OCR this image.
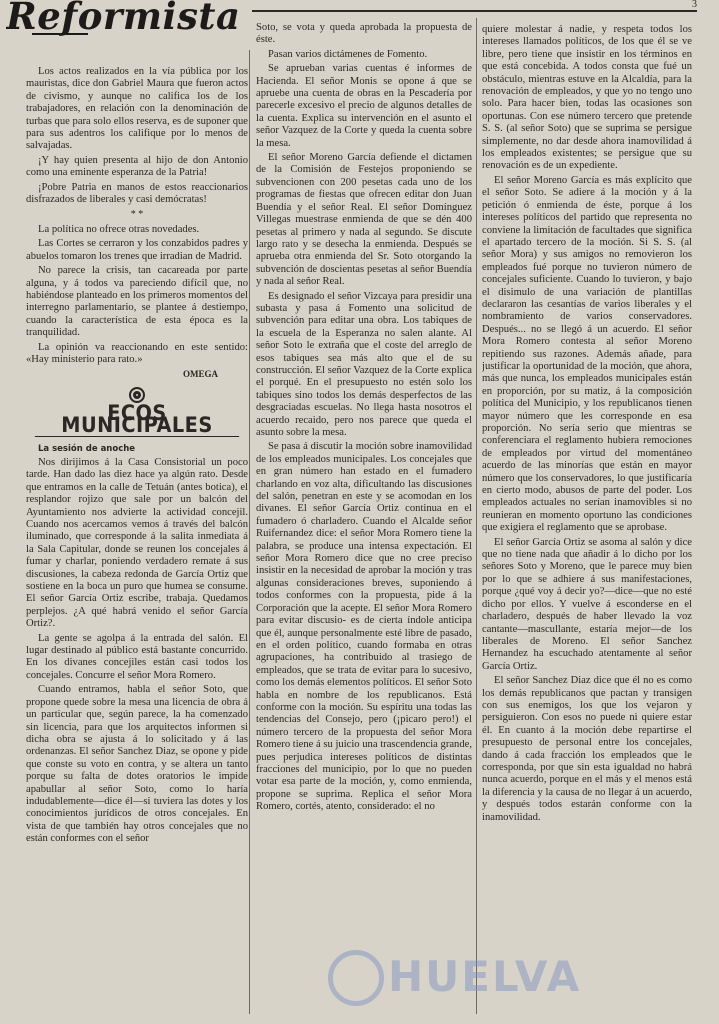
Reformista	3

Los actos realizados en la vía pública por los mauristas, dice don Gabriel Maura que fueron actos de civismo, y aunque no califica los de los trabajadores, en relación con la denominación de turbas que para solo ellos reserva, es de suponer que para sus adentros los califique por lo menos de salvajadas.

¡Y hay quien presenta al hijo de don Antonio como una eminente esperanza de la Patria!

¡Pobre Patria en manos de estos reaccionarios disfrazados de liberales y casi demócratas!

* *

La política no ofrece otras novedades.

Las Cortes se cerraron y los conzabidos padres y abuelos tomaron los trenes que irradian de Madrid.

No parece la crisis, tan cacareada por parte alguna, y á todos va pareciendo difícil que, no habiéndose planteado en los primeros momentos del interregno parlamentario, se plantee á destiempo, cuando la característica de esta época es la tranquilidad.

La opinión va reaccionando en este sentido: «Hay ministerio para rato.»

OMEGA
ECOS MUNICIPALES

La sesión de anoche

Nos dirijimos á la Casa Consistorial un poco tarde. Han dado las diez hace ya algún rato. Desde que entramos en la calle de Tetuán (antes botica), el resplandor rojizo que sale por un balcón del Ayuntamiento nos advierte la actividad concejil. Cuando nos acercamos vemos á través del balcón iluminado, que corresponde á la salita inmediata á la Sala Capitular, donde se reunen los concejales á fumar y charlar, poniendo verdadero remate á sus discusiones, la cabeza redonda de García Ortiz que sostiene en la boca un puro que humea se consume. El señor García Ortiz escribe, trabaja. Quedamos perplejos. ¿A qué habrá venido el señor García Ortiz?.

La gente se agolpa á la entrada del salón. El lugar destinado al público está bastante concurrido. En los divanes concejiles están casi todos los concejales. Concurre el señor Mora Romero.

Cuando entramos, habla el señor Soto, que propone quede sobre la mesa una licencia de obra á un particular que, según parece, la ha comenzado sin licencia, para que los arquitectos informen si dicha obra se ajusta á lo solicitado y á las ordenanzas. El señor Sanchez Diaz, se opone y pide que conste su voto en contra, y se altera un tanto porque su falta de dotes oratorios le impide apabullar al señor Soto, como lo haría indudablemente—dice él—si tuviera las dotes y los conocimientos jurídicos de otros concejales. En vista de que también hay otros concejales que no están conformes con el señor

Soto, se vota y queda aprobada la propuesta de éste.

Pasan varios dictámenes de Fomento.

Se aprueban varias cuentas é informes de Hacienda. El señor Monis se opone á que se apruebe una cuenta de obras en la Pescadería por parecerle excesivo el precio de algunos detalles de la cuenta. Explica su intervención en el asunto el señor Vazquez de la Corte y queda la cuenta sobre la mesa.

El señor Moreno García defiende el dictamen de la Comisión de Festejos proponiendo se subvencionen con 200 pesetas cada uno de los programas de fiestas que ofrecen editar don Juan Buendía y el señor Real. El señor Domínguez Villegas muestrase enmienda de que se dén 400 pesetas al primero y nada al segundo. Se discute largo rato y se desecha la enmienda. Después se aprueba otra enmienda del Sr. Soto otorgando la subvención de doscientas pesetas al señor Buendía y nada al señor Real.

Es designado el señor Vizcaya para presidir una subasta y pasa á Fomento una solicitud de subvención para editar una obra. Los tabiques de la escuela de la Esperanza no salen alante. Al señor Soto le extraña que el coste del arreglo de esos tabiques sea más alto que el de su construcción. El señor Vazquez de la Corte explica el porqué. En el presupuesto no estén solo los tabiques sino todos los demás desperfectos de las desgraciadas escuelas. No llega hasta nosotros el acuerdo recaido, pero nos parece que queda el asunto sobre la mesa.

Se pasa á discutir la moción sobre inamovilidad de los empleados municipales. Los concejales que en gran número han estado en el fumadero charlando en voz alta, dificultando las discusiones del salón, penetran en este y se acomodan en los divanes. El señor García Ortiz continua en el fumadero ó charladero. Cuando el Alcalde señor Ruifernandez dice: el señor Mora Romero tiene la palabra, se produce una intensa expectación. El señor Mora Romero dice que no cree preciso insistir en la necesidad de aprobar la moción y tras algunas consideraciones breves, suponiendo á todos conformes con la propuesta, pide á la Corporación que la acepte. El señor Mora Romero para evitar discusio- es de cierta índole anticipa que él, aunque personalmente esté libre de pasado, en el orden político, cuando formaba en otras agrupaciones, ha contribuido al trasiego de empleados, que se trata de evitar para lo sucesivo, como los demás elementos políticos. El señor Soto habla en nombre de los republicanos. Está conforme con la moción. Su espíritu una todas las tendencias del Consejo, pero (¡picaro pero!) el número tercero de la propuesta del señor Mora Romero tiene á su juicio una trascendencia grande, pues perjudica intereses políticos de distintas fracciones del municipio, por lo que no pueden votar esa parte de la moción, y, como enmienda, propone se suprima. Replica el señor Mora Romero, cortés, atento, considerado: el no

quiere molestar á nadie, y respeta todos los intereses llamados políticos, de los que él se ve libre, pero tiene que insistir en los términos en que está concebida. A todos consta que fué un obstáculo, mientras estuve en la Alcaldía, para la renovación de empleados, y que yo no tengo uno solo. Para hacer bien, todas las ocasiones son oportunas. Con ese número tercero que pretende S. S. (al señor Soto) que se suprima se persigue simplemente, no dar desde ahora inamovilidad á los empleados existentes; se persigue que su renovación es de un expediente.

El señor Moreno García es más explícito que el señor Soto. Se adiere á la moción y á la petición ó enmienda de éste, porque á los intereses políticos del partido que representa no conviene la limitación de facultades que significa el apartado tercero de la moción. Si S. S. (al señor Mora) y sus amigos no removieron los empleados fué porque no tuvieron número de concejales suficiente. Cuando lo tuvieron, y bajo el disimulo de una variación de plantillas declararon las cesantías de varios liberales y el nombramiento de varios conservadores. Después... no se llegó á un acuerdo. El señor Mora Romero contesta al señor Moreno repitiendo sus razones. Además añade, para justificar la oportunidad de la moción, que ahora, más que nunca, los empleados municipales están en proporción, por su matiz, á la composición política del Municipio, y los republicanos tienen mayor número que les corresponde en esa proporción. No sería serio que mientras se conferenciara el reglamento hubiera remociones de empleados por virtud del momentáneo acuerdo de las minorías que están en mayor número que los conservadores, lo que justificaría en cierto modo, abusos de parte del poder. Los empleados actuales no serían inamovibles si no reunieran en momento oportuno las condiciones que exigiera el reglamento que se aprobase.

El señor García Ortiz se asoma al salón y dice que no tiene nada que añadir á lo dicho por los señores Soto y Moreno, que le parece muy bien por lo que se adhiere á sus manifestaciones, porque ¿qué voy á decir yo?—dice—que no esté dicho por ellos. Y vuelve á esconderse en el charladero, después de haber llevado la voz cantante—mascullante, estaría mejor—de los liberales de Moreno. El señor Sanchez Hernandez ha escuchado atentamente al señor García Ortiz.

El señor Sanchez Diaz dice que él no es como los demás republicanos que pactan y transigen con sus enemigos, los que los vejaron y persiguieron. Con esos no puede ni quiere estar él. En cuanto á la moción debe repartirse el presupuesto de personal entre los concejales, dando á cada fracción los empleados que le corresponda, por que sin esta igualdad no habrá nunca acuerdo, porque en el más y el menos está la diferencia y la causa de no llegar á un acuerdo, y después todos estarán conforme con la inamovilidad.

HUELVA
